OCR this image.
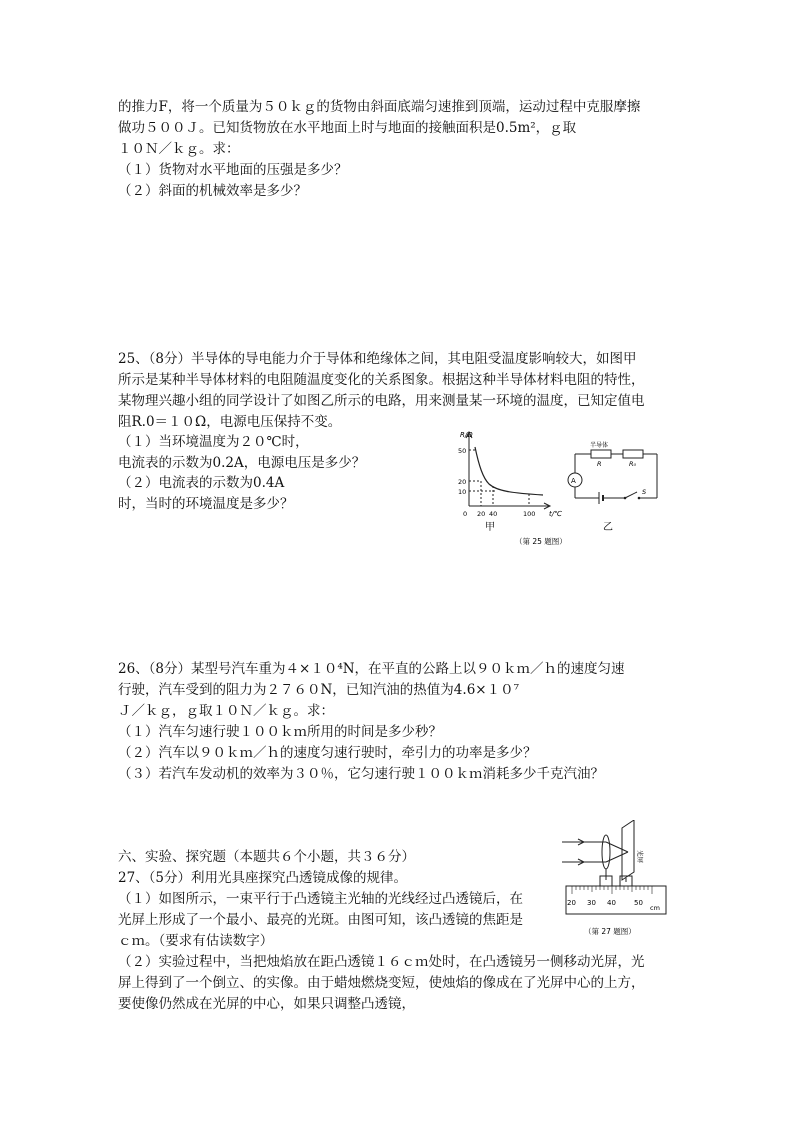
的推力F，将一个质量为５０ｋｇ的货物由斜面底端匀速推到顶端，运动过程中克服摩擦
做功５００Ｊ。已知货物放在水平地面上时与地面的接触面积是0.5m²，ｇ取
１０Ｎ／ｋｇ。求：
（１）货物对水平地面的压强是多少？
（２）斜面的机械效率是多少？
25、（8分）半导体的导电能力介于导体和绝缘体之间，其电阻受温度影响较大，如图甲
所示是某种半导体材料的电阻随温度变化的关系图象。根据这种半导体材料电阻的特性，
某物理兴趣小组的同学设计了如图乙所示的电路，用来测量某一环境的温度，已知定值电
阻R.0＝１０Ω，电源电压保持不变。
（１）当环境温度为２０℃时，
电流表的示数为0.2A，电源电压是多少？
（２）电流表的示数为0.4A
时，当时的环境温度是多少？
R/Ω
t/℃
50
20
10
0 20 40	100
甲
A
半导体
R	R₀
S
乙
（第 25 题图）
26、（8分）某型号汽车重为４×１０⁴N，在平直的公路上以９０ｋｍ／ｈ的速度匀速
行驶，汽车受到的阻力为２７６０N，已知汽油的热值为4.6×１０⁷
Ｊ／ｋｇ，ｇ取１０Ｎ／ｋｇ。求：
（１）汽车匀速行驶１００ｋｍ所用的时间是多少秒？
（２）汽车以９０ｋｍ／ｈ的速度匀速行驶时，牵引力的功率是多少？
（３）若汽车发动机的效率为３０％，它匀速行驶１００ｋｍ消耗多少千克汽油？
六、实验、探究题（本题共６个小题，共３６分）
27、（5分）利用光具座探究凸透镜成像的规律。
（１）如图所示，一束平行于凸透镜主光轴的光线经过凸透镜后，在
光屏上形成了一个最小、最亮的光斑。由图可知，该凸透镜的焦距是
ｃｍ。（要求有估读数字）
（２）实验过程中，当把烛焰放在距凸透镜１６ｃｍ处时，在凸透镜另一侧移动光屏，光
屏上得到了一个倒立、的实像。由于蜡烛燃烧变短，使烛焰的像成在了光屏中心的上方，
要使像仍然成在光屏的中心，如果只调整凸透镜，
光屏
20 30 40	50
cm
（第 27 题图）
